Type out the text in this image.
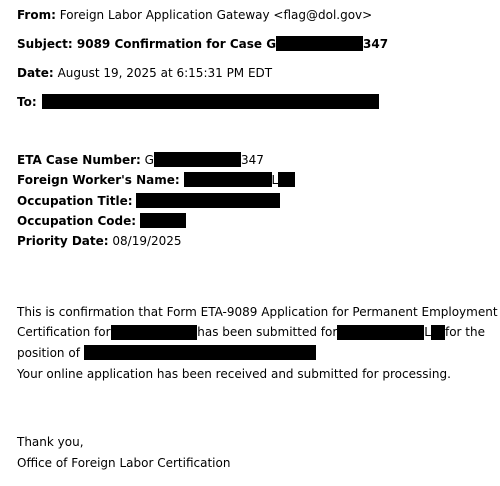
From: Foreign Labor Application Gateway <flag@dol.gov>
Subject: 9089 Confirmation for Case G	347
Date: August 19, 2025 at 6:15:31 PM EDT
To:
ETA Case Number: G	347
Foreign Worker's Name:	L
Occupation Title:
Occupation Code:
Priority Date: 08/19/2025
This is confirmation that Form ETA-9089 Application for Permanent Employment
Certification for	has been submitted for	L for the
position of
Your online application has been received and submitted for processing.
Thank you,
Office of Foreign Labor Certification
